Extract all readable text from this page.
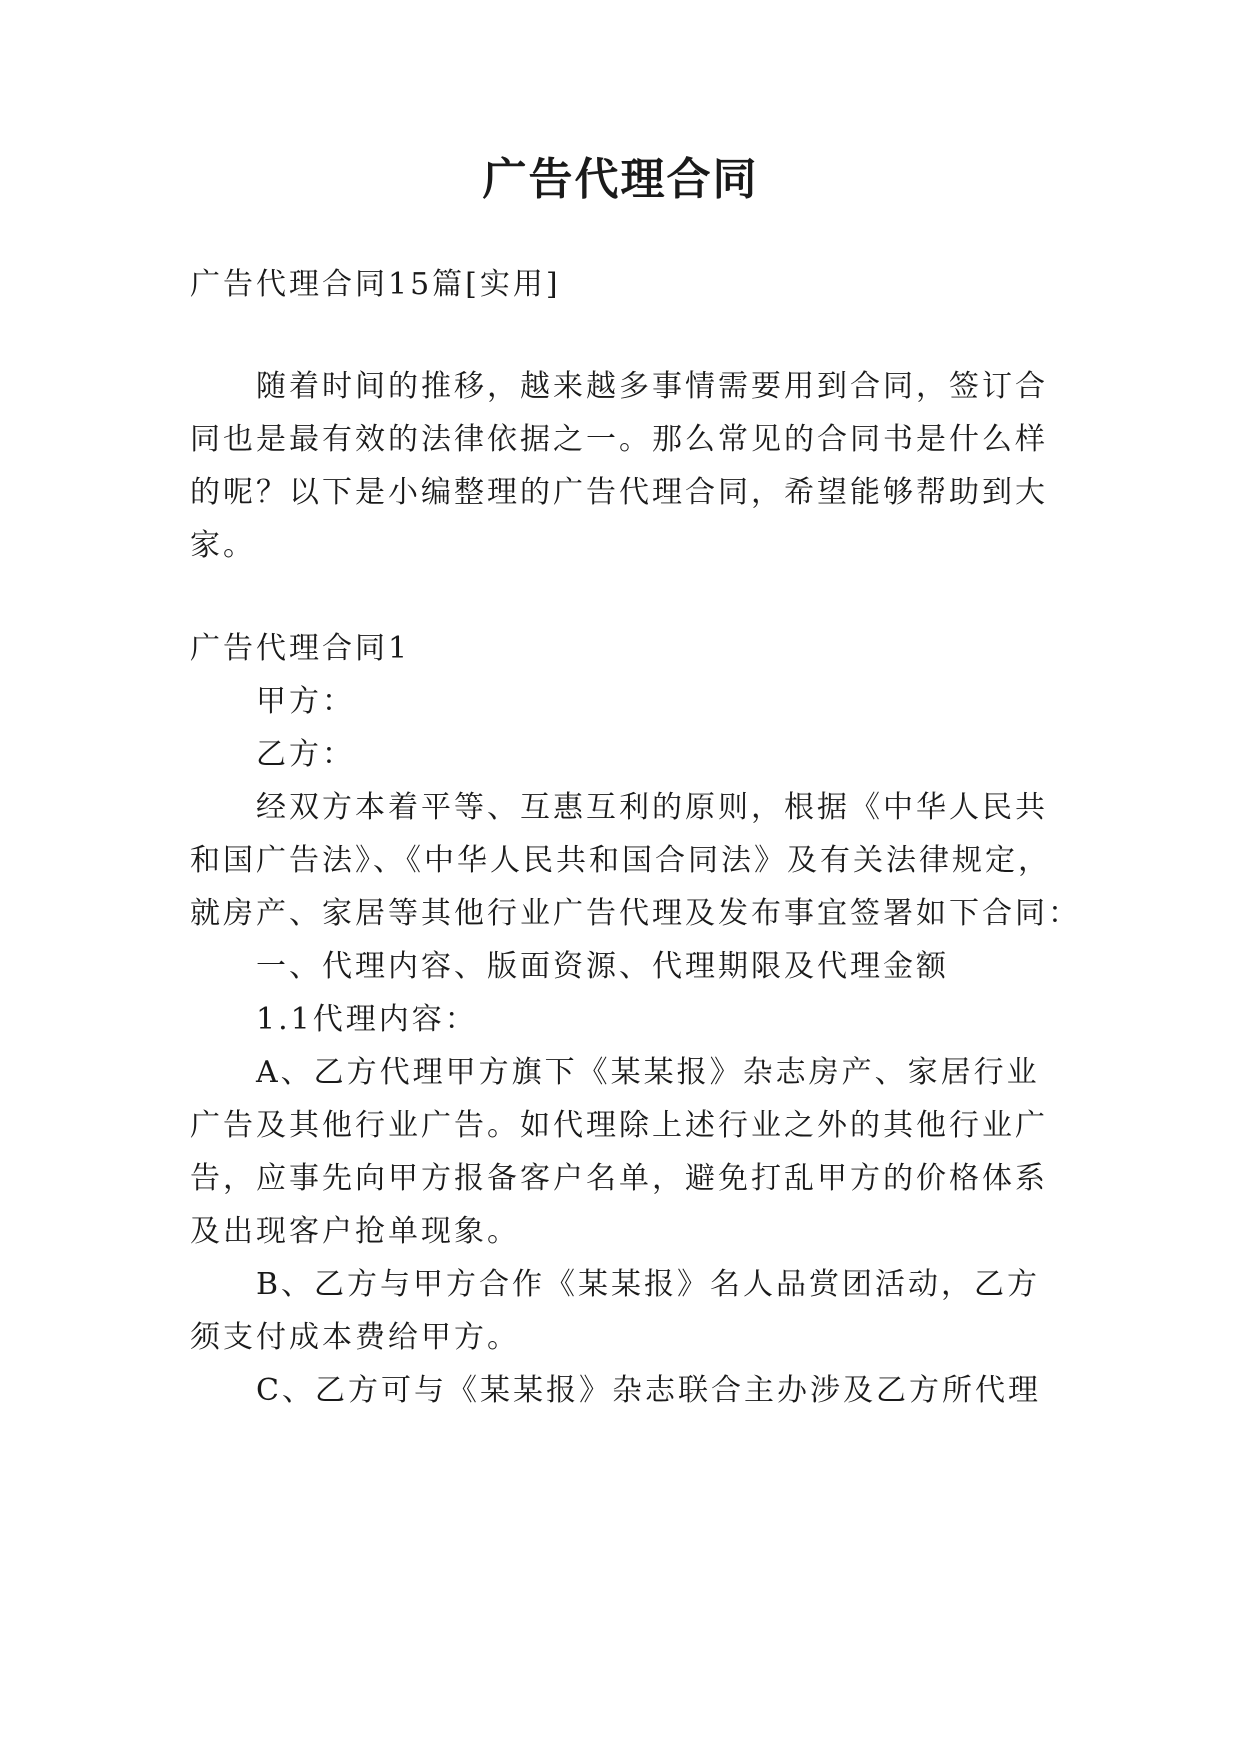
广告代理合同
广告代理合同15篇[实用]
随着时间的推移，越来越多事情需要用到合同，签订合
同也是最有效的法律依据之一。那么常见的合同书是什么样
的呢？以下是小编整理的广告代理合同，希望能够帮助到大
家。
广告代理合同1
甲方：
乙方：
经双方本着平等、互惠互利的原则，根据《中华人民共
和国广告法》、《中华人民共和国合同法》及有关法律规定，
就房产、家居等其他行业广告代理及发布事宜签署如下合同：
一、代理内容、版面资源、代理期限及代理金额
1.1代理内容：
A、乙方代理甲方旗下《某某报》杂志房产、家居行业
广告及其他行业广告。如代理除上述行业之外的其他行业广
告，应事先向甲方报备客户名单，避免打乱甲方的价格体系
及出现客户抢单现象。
B、乙方与甲方合作《某某报》名人品赏团活动，乙方
须支付成本费给甲方。
C、乙方可与《某某报》杂志联合主办涉及乙方所代理
